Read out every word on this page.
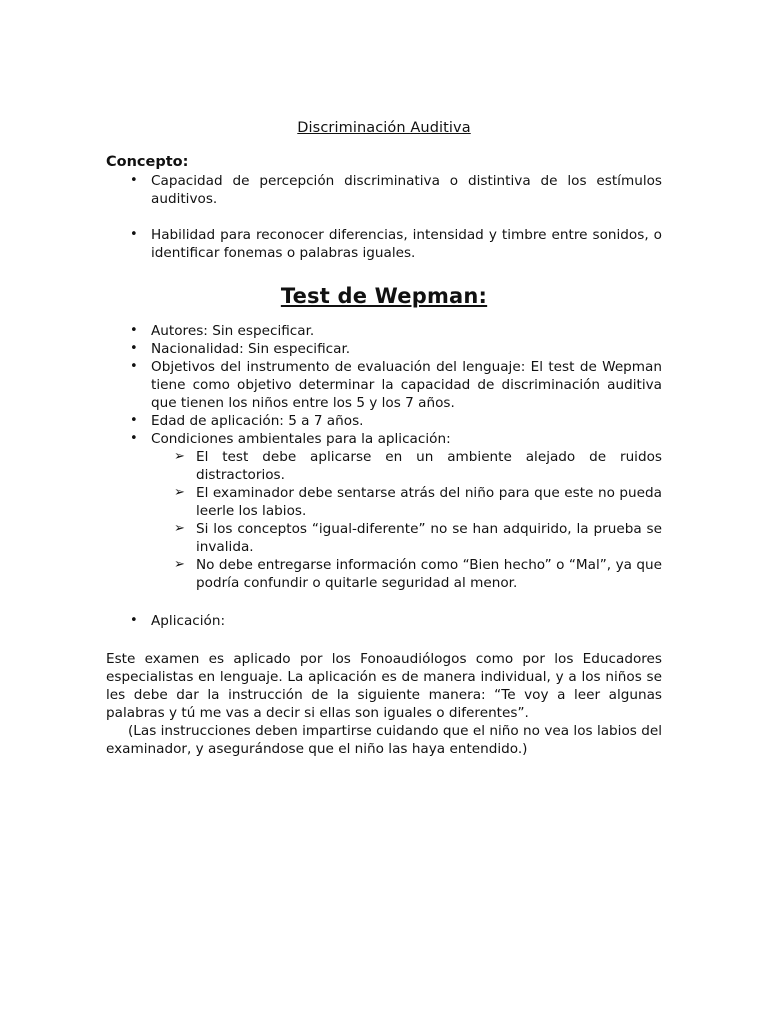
Discriminación Auditiva
Concepto:
• Capacidad de percepción discriminativa o distintiva de los estímulos auditivos.
• Habilidad para reconocer diferencias, intensidad y timbre entre sonidos, o identificar fonemas o palabras iguales.
Test de Wepman:
• Autores: Sin especificar.
• Nacionalidad: Sin especificar.
• Objetivos del instrumento de evaluación del lenguaje: El test de Wepman tiene como objetivo determinar la capacidad de discriminación auditiva que tienen los niños entre los 5 y los 7 años.
• Edad de aplicación: 5 a 7 años.
• Condiciones ambientales para la aplicación:
➢ El test debe aplicarse en un ambiente alejado de ruidos distractorios.
➢ El examinador debe sentarse atrás del niño para que este no pueda leerle los labios.
➢ Si los conceptos “igual-diferente” no se han adquirido, la prueba se invalida.
➢ No debe entregarse información como “Bien hecho” o “Mal”, ya que podría confundir o quitarle seguridad al menor.
• Aplicación:

Este examen es aplicado por los Fonoaudiólogos como por los Educadores especialistas en lenguaje. La aplicación es de manera individual, y a los niños se les debe dar la instrucción de la siguiente manera: “Te voy a leer algunas palabras y tú me vas a decir si ellas son iguales o diferentes”.

(Las instrucciones deben impartirse cuidando que el niño no vea los labios del examinador, y asegurándose que el niño las haya entendido.)
